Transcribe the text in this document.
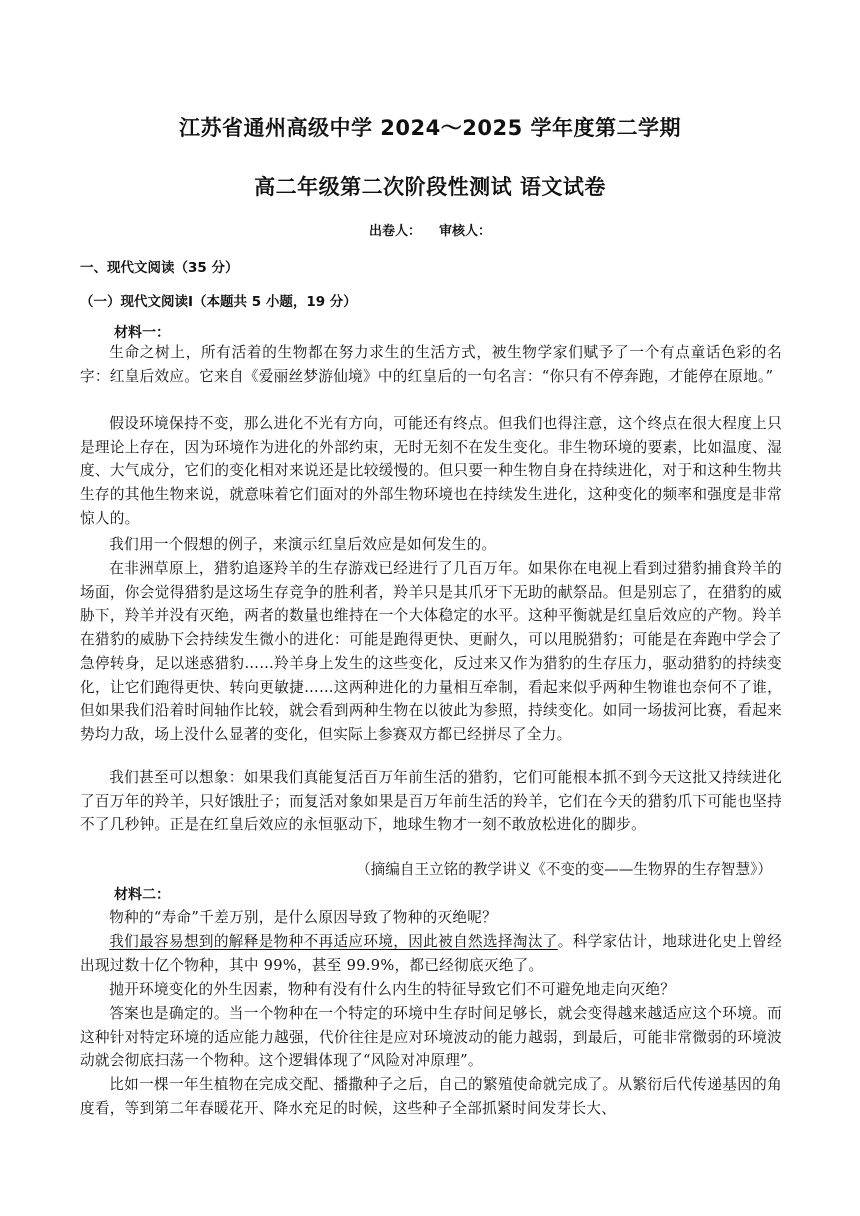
江苏省通州高级中学 2024～2025 学年度第二学期
高二年级第二次阶段性测试 语文试卷
出卷人： 审核人：
一、现代文阅读（35 分）
（一）现代文阅读Ⅰ（本题共 5 小题，19 分）
材料一：

生命之树上，所有活着的生物都在努力求生的生活方式，被生物学家们赋予了一个有点童话色彩的名字：红皇后效应。它来自《爱丽丝梦游仙境》中的红皇后的一句名言：“你只有不停奔跑，才能停在原地。”

假设环境保持不变，那么进化不光有方向，可能还有终点。但我们也得注意，这个终点在很大程度上只是理论上存在，因为环境作为进化的外部约束，无时无刻不在发生变化。非生物环境的要素，比如温度、湿度、大气成分，它们的变化相对来说还是比较缓慢的。但只要一种生物自身在持续进化，对于和这种生物共生存的其他生物来说，就意味着它们面对的外部生物环境也在持续发生进化，这种变化的频率和强度是非常惊人的。

我们用一个假想的例子，来演示红皇后效应是如何发生的。

在非洲草原上，猎豹追逐羚羊的生存游戏已经进行了几百万年。如果你在电视上看到过猎豹捕食羚羊的场面，你会觉得猎豹是这场生存竞争的胜利者，羚羊只是其爪牙下无助的献祭品。但是别忘了，在猎豹的威胁下，羚羊并没有灭绝，两者的数量也维持在一个大体稳定的水平。这种平衡就是红皇后效应的产物。羚羊在猎豹的威胁下会持续发生微小的进化：可能是跑得更快、更耐久，可以甩脱猎豹；可能是在奔跑中学会了急停转身，足以迷惑猎豹……羚羊身上发生的这些变化，反过来又作为猎豹的生存压力，驱动猎豹的持续变化，让它们跑得更快、转向更敏捷……这两种进化的力量相互牵制，看起来似乎两种生物谁也奈何不了谁，但如果我们沿着时间轴作比较，就会看到两种生物在以彼此为参照，持续变化。如同一场拔河比赛，看起来势均力敌，场上没什么显著的变化，但实际上参赛双方都已经拼尽了全力。

我们甚至可以想象：如果我们真能复活百万年前生活的猎豹，它们可能根本抓不到今天这批又持续进化了百万年的羚羊，只好饿肚子；而复活对象如果是百万年前生活的羚羊，它们在今天的猎豹爪下可能也坚持不了几秒钟。正是在红皇后效应的永恒驱动下，地球生物才一刻不敢放松进化的脚步。

（摘编自王立铭的教学讲义《不变的变——生物界的生存智慧》）
材料二：

物种的“寿命”千差万别，是什么原因导致了物种的灭绝呢？

我们最容易想到的解释是物种不再适应环境，因此被自然选择淘汰了。科学家估计，地球进化史上曾经出现过数十亿个物种，其中 99%，甚至 99.9%，都已经彻底灭绝了。

抛开环境变化的外生因素，物种有没有什么内生的特征导致它们不可避免地走向灭绝？

答案也是确定的。当一个物种在一个特定的环境中生存时间足够长，就会变得越来越适应这个环境。而这种针对特定环境的适应能力越强，代价往往是应对环境波动的能力越弱，到最后，可能非常微弱的环境波动就会彻底扫荡一个物种。这个逻辑体现了“风险对冲原理”。

比如一棵一年生植物在完成交配、播撒种子之后，自己的繁殖使命就完成了。从繁衍后代传递基因的角度看，等到第二年春暖花开、降水充足的时候，这些种子全部抓紧时间发芽长大、
